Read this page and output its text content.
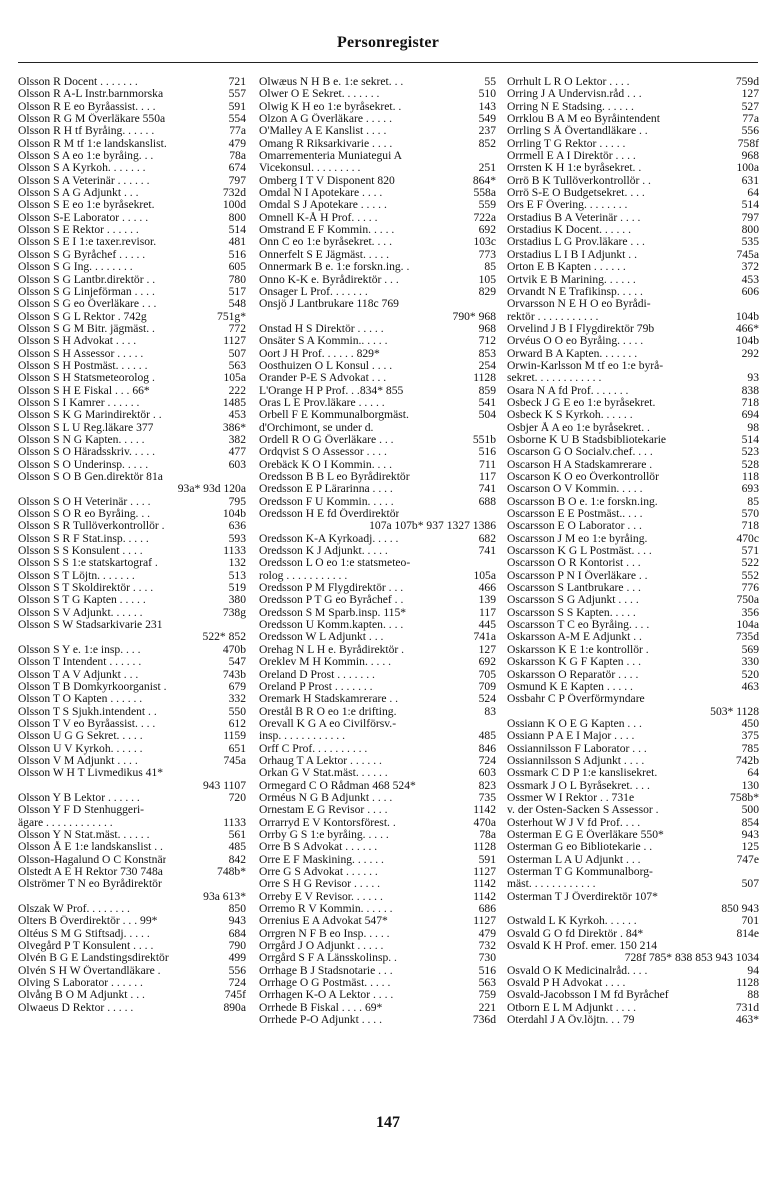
Personregister
Olsson R Docent . . . . . . .	721
Olsson R A-L Instr.barnmorska	557
Olsson R E eo Byråassist. . . .	591
Olsson R G M Överläkare 550a	554
Olsson R H tf Byråing. . . . . .	77a
Olsson R M tf 1:e landskanslist.	479
Olsson S A eo 1:e byråing. . .	78a
Olsson S A Kyrkoh. . . . . . .	674
Olsson S A Veterinär . . . . . .	797
Olsson S A G Adjunkt . . .	732d
Olsson S E eo 1:e byråsekret.	100d
Olsson S-E Laborator . . . . .	800
Olsson S E Rektor . . . . . .	514
Olsson S E I 1:e taxer.revisor.	481
Olsson S G Byråchef . . . . .	516
Olsson S G Ing. . . . . . . .	605
Olsson S G Lantbr.direktör . .	780
Olsson S G Linjeförman . . . .	517
Olsson S G eo Överläkare . . .	548
Olsson S G L Rektor . 742g	751g*
Olsson S G M Bitr. jägmäst. .	772
Olsson S H Advokat . . . .	1127
Olsson S H Assessor . . . . .	507
Olsson S H Postmäst. . . . . .	563
Olsson S H Statsmeteorolog .	105a
Olsson S H E Fiskal . . . 66*	222
Olsson S I Kamrer . . . . . .	1485
Olsson S K G Marindirektör . .	453
Olsson S L U Reg.läkare 377	386*
Olsson S N G Kapten. . . . .	382
Olsson S O Häradsskriv. . . . .	477
Olsson S O Underinsp. . . . .	603
Olsson S O B Gen.direktör 81a
93a* 93d 120a
Olsson S O H Veterinär . . . .	795
Olsson S O R eo Byråing. . .	104b
Olsson S R Tullöverkontrollör .	636
Olsson S R F Stat.insp. . . . .	593
Olsson S S Konsulent . . . .	1133
Olsson S S 1:e statskartograf .	132
Olsson S T Löjtn. . . . . . .	513
Olsson S T Skoldirektör . . . .	519
Olsson S T G Kapten . . . . .	380
Olsson S V Adjunkt. . . . . .	738g
Olsson S W Stadsarkivarie 231
522* 852
Olsson S Y e. 1:e insp. . . .	470b
Olsson T Intendent . . . . . .	547
Olsson T A V Adjunkt . . .	743b
Olsson T B Domkyrkoorganist .	679
Olsson T O Kapten . . . . . .	332
Olsson T S Sjukh.intendent . .	550
Olsson T V eo Byråassist. . . .	612
Olsson U G G Sekret. . . . .	1159
Olsson U V Kyrkoh. . . . . .	651
Olsson V M Adjunkt . . . .	745a
Olsson W H T Livmedikus 41*
943 1107
Olsson Y B Lektor . . . . . .	720
Olsson Y F D Stenhuggeri-
ägare . . . . . . . . . . . .	1133
Olsson Y N Stat.mäst. . . . . .	561
Olsson Å E 1:e landskanslist . .	485
Olsson-Hagalund O C Konstnär	842
Olstedt A E H Rektor 730 748a	748b*
Olströmer T N eo Byrådirektör
93a 613*
Olszak W Prof. . . . . . . .	850
Olters B Överdirektör . . . 99*	943
Oltéus S M G Stiftsadj. . . . .	684
Olvegård P T Konsulent . . . .	790
Olvén B G E Landstingsdirektör	499
Olvén S H W Övertandläkare .	556
Olving S Laborator . . . . . .	724
Olvång B O M Adjunkt . . .	745f
Olwaeus D Rektor . . . . .	890a
Olwæus N H B e. 1:e sekret. . .	55
Olwer O E Sekret. . . . . . .	510
Olwig K H eo 1:e byråsekret. .	143
Olzon A G Överläkare . . . . .	549
O'Malley A E Kanslist . . . .	237
Omang R Riksarkivarie . . . .	852
Omarrementeria Muniategui A
Vicekonsul. . . . . . . . .	251
Omberg I T V Disponent 820	864*
Omdal N I Apotekare . . . .	558a
Omdal S J Apotekare . . . . .	559
Omnell K-Å H Prof. . . . .	722a
Omstrand E F Kommin. . . . .	692
Onn C eo 1:e byråsekret. . . .	103c
Onnerfelt S E Jägmäst. . . . .	773
Onnermark B e. 1:e forskn.ing. .	85
Onno K-K e. Byrådirektör . . .	105
Onsager L Prof. . . . . . .	829
Onsjö J Lantbrukare 118c 769
790* 968
Onstad H S Direktör . . . . .	968
Onsäter S A Kommin.. . . . .	712
Oort J H Prof. . . . . . 829*	853
Oosthuizen O L Konsul . . . .	254
Orander P-E S Advokat . . .	1128
L'Orange H P Prof. . .834* 855	859
Oras L E Prov.läkare . . . . .	541
Orbell F E Kommunalborgmäst.	504
d'Orchimont, se under d.
Ordell R O G Överläkare . . .	551b
Ordqvist S O Assessor . . . .	516
Orebäck K O I Kommin. . . .	711
Oredsson B B L eo Byrådirektör	117
Oredsson E P Lärarinna . . . .	741
Oredsson F U Kommin. . . . .	688
Oredsson H E fd Överdirektör
107a 107b* 937 1327 1386
Oredsson K-A Kyrkoadj. . . . .	682
Oredsson K J Adjunkt. . . . .	741
Oredsson L O eo 1:e statsmeteo-
rolog . . . . . . . . . . .	105a
Oredsson P M Flygdirektör . . .	466
Oredsson P T G eo Byråchef . .	139
Oredsson S M Sparb.insp. 115*	117
Oredsson U Komm.kapten. . . .	445
Oredsson W L Adjunkt . . .	741a
Orehag N L H e. Byrådirektör .	127
Oreklev M H Kommin. . . . .	692
Oreland D Prost . . . . . . .	705
Oreland P Prost . . . . . . .	709
Oremark H Stadskamrerare . .	524
Orestål B R O eo 1:e drifting.	83
Orevall K G A eo Civilförsv.-
insp. . . . . . . . . . . .	485
Orff C Prof. . . . . . . . . .	846
Orhaug T A Lektor . . . . . .	724
Orkan G V Stat.mäst. . . . . .	603
Ormegard C O Rådman 468 524*	823
Orméus N G B Adjunkt . . . .	735
Ornestam E G Revisor . . . .	1142
Orrarryd E V Kontorsförest. .	470a
Orrby G S 1:e byråing. . . . .	78a
Orre B S Advokat . . . . . .	1128
Orre E F Maskining. . . . . .	591
Orre G S Advokat . . . . . .	1127
Orre S H G Revisor . . . . .	1142
Orreby E V Revisor. . . . . .	1142
Orremo R V Kommin. . . . . .	686
Orrenius E A Advokat 547*	1127
Orrgren N F B eo Insp. . . . .	479
Orrgård J O Adjunkt . . . . .	732
Orrgård S F A Länsskolinsp. .	730
Orrhage B J Stadsnotarie . . .	516
Orrhage O G Postmäst. . . . .	563
Orrhagen K-O A Lektor . . . .	759
Orrhede B Fiskal . . . . 69*	221
Orrhede P-O Adjunkt . . . .	736d
Orrhult L R O Lektor . . . .	759d
Orring J A Undervisn.råd . . .	127
Orring N E Stadsing. . . . . .	527
Orrklou B A M eo Byråintendent	77a
Orrling S Å Övertandläkare . .	556
Orrling T G Rektor . . . . .	758f
Orrmell E A I Direktör . . . .	968
Orrsten K H 1:e byråsekret. .	100a
Orrö B K Tullöverkontrollör . .	631
Orrö S-E O Budgetsekret. . . .	64
Ors E F Övering. . . . . . . .	514
Orstadius B A Veterinär . . . .	797
Orstadius K Docent. . . . . .	800
Orstadius L G Prov.läkare . . .	535
Orstadius L I B I Adjunkt . .	745a
Orton E B Kapten . . . . . .	372
Ortvik E B Marining. . . . . .	453
Orvandt N E Trafikinsp. . . . .	606
Orvarsson N E H O eo Byrådi-
rektör . . . . . . . . . . .	104b
Orvelind J B I Flygdirektör 79b	466*
Orvéus O O eo Byråing. . . . .	104b
Orward B A Kapten. . . . . . .	292
Orwin-Karlsson M tf eo 1:e byrå-
sekret. . . . . . . . . . . .	93
Osara N A fd Prof. . . . . . .	838
Osbeck J G E eo 1:e byråsekret.	718
Osbeck K S Kyrkoh. . . . . .	694
Osbjer Å A eo 1:e byråsekret. .	98
Osborne K U B Stadsbibliotekarie	514
Oscarson G O Socialv.chef. . . .	523
Oscarson H A Stadskamrerare .	528
Oscarson K O eo Överkontrollör	118
Oscarson O V Kommin. . . . .	693
Oscarsson B O e. 1:e forskn.ing.	85
Oscarsson E E Postmäst.. . . .	570
Oscarsson E O Laborator . . .	718
Oscarsson J M eo 1:e byråing.	470c
Oscarsson K G L Postmäst. . . .	571
Oscarsson O R Kontorist . . .	522
Oscarsson P N I Överläkare . .	552
Oscarsson S Lantbrukare . . .	776
Oscarsson S G Adjunkt . . . .	750a
Oscarsson S S Kapten. . . . .	356
Oscarsson T C eo Byråing. . . .	104a
Oskarsson A-M E Adjunkt . .	735d
Oskarsson K E 1:e kontrollör .	569
Oskarsson K G F Kapten . . .	330
Oskarsson O Reparatör . . . .	520
Osmund K E Kapten . . . . .	463
Ossbahr C P Överförmyndare
503* 1128
Ossiann K O E G Kapten . . .	450
Ossiann P A E I Major . . . .	375
Ossiannilsson F Laborator . . .	785
Ossiannilsson S Adjunkt . . . .	742b
Ossmark C D P 1:e kanslisekret.	64
Ossmark J O L Byråsekret. . . .	130
Ossmer W I Rektor . . 731e	758b*
v. der Osten-Sacken S Assessor .	500
Osterhout W J V fd Prof. . . .	854
Osterman E G E Överläkare 550*	943
Osterman G eo Bibliotekarie . .	125
Osterman L A U Adjunkt . . .	747e
Osterman T G Kommunalborg-
mäst. . . . . . . . . . . .	507
Osterman T J Överdirektör 107*
850 943
Ostwald L K Kyrkoh. . . . . .	701
Osvald G O fd Direktör . 84*	814e
Osvald K H Prof. emer. 150 214
728f 785* 838 853 943 1034
Osvald O K Medicinalråd. . . .	94
Osvald P H Advokat . . . .	1128
Osvald-Jacobsson I M fd Byråchef	88
Otborn E L M Adjunkt . . . .	731d
Oterdahl J A Öv.löjtn. . . 79	463*
147
